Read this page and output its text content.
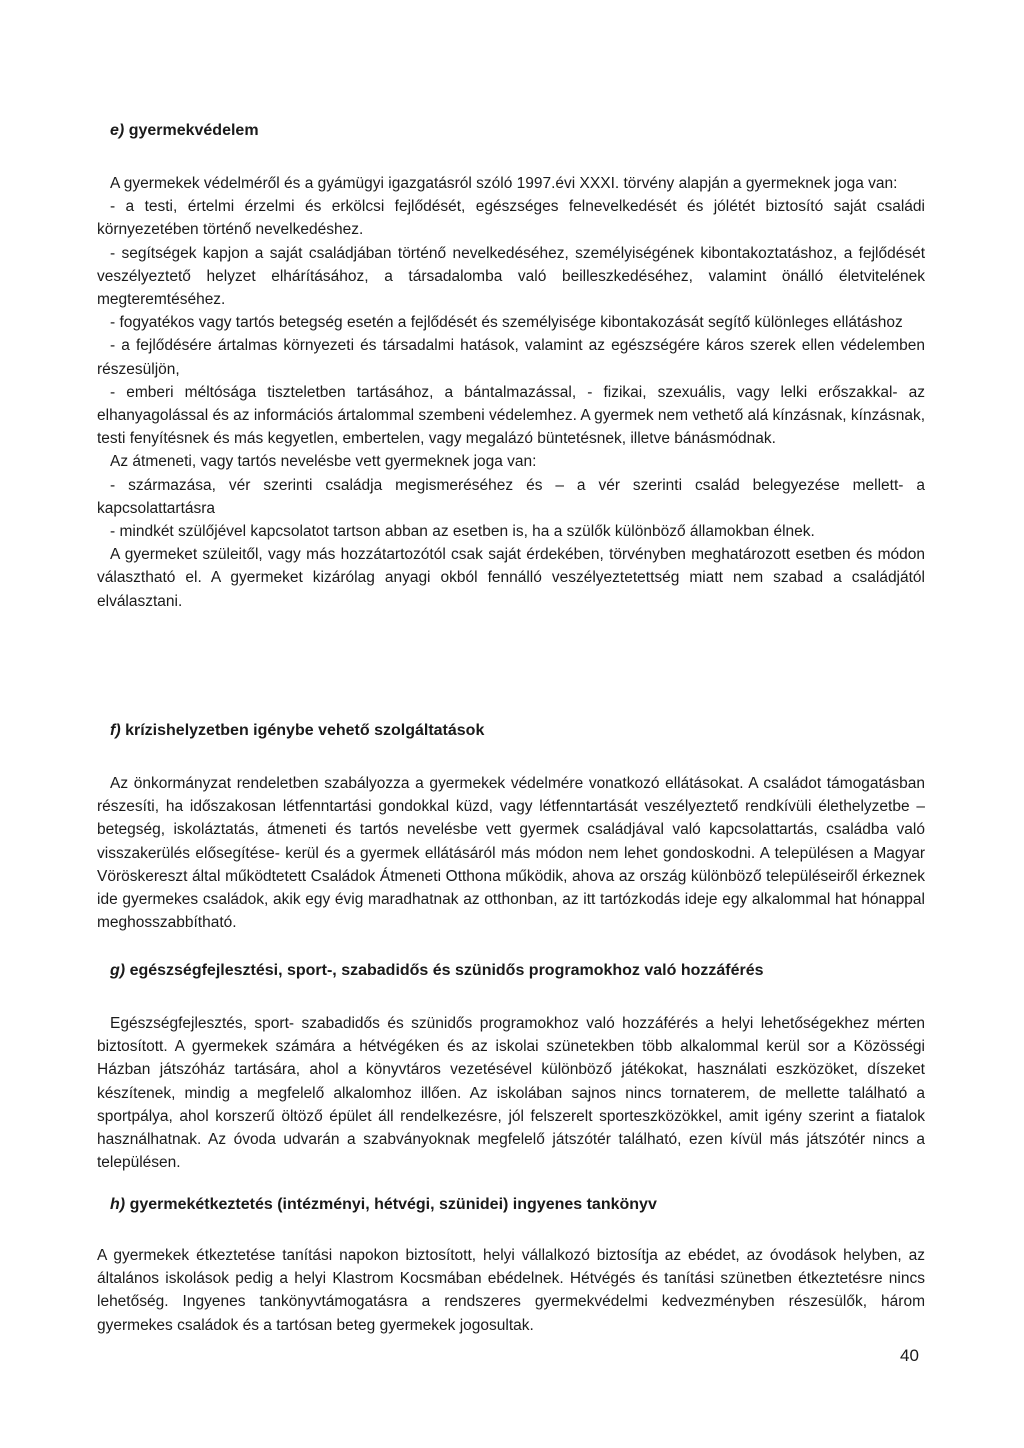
e) gyermekvédelem

A gyermekek védelméről és a gyámügyi igazgatásról szóló 1997.évi XXXI. törvény alapján a gyermeknek joga van:

- a testi, értelmi érzelmi és erkölcsi fejlődését, egészséges felnevelkedését és jólétét biztosító saját családi környezetében történő nevelkedéshez.

- segítségek kapjon a saját családjában történő nevelkedéséhez, személyiségének kibontakoztatáshoz, a fejlődését veszélyeztető helyzet elhárításához, a társadalomba való beilleszkedéséhez, valamint önálló életvitelének megteremtéséhez.

- fogyatékos vagy tartós betegség esetén a fejlődését és személyisége kibontakozását segítő különleges ellátáshoz

- a fejlődésére ártalmas környezeti és társadalmi hatások, valamint az egészségére káros szerek ellen védelemben részesüljön,

- emberi méltósága tiszteletben tartásához, a bántalmazással, - fizikai, szexuális, vagy lelki erőszakkal- az elhanyagolással és az információs ártalommal szembeni védelemhez. A gyermek nem vethető alá kínzásnak, kínzásnak, testi fenyítésnek és más kegyetlen, embertelen, vagy megalázó büntetésnek, illetve bánásmódnak.

Az átmeneti, vagy tartós nevelésbe vett gyermeknek joga van:

- származása, vér szerinti családja megismeréséhez és – a vér szerinti család belegyezése mellett- a kapcsolattartásra

- mindkét szülőjével kapcsolatot tartson abban az esetben is, ha a szülők különböző államokban élnek.

A gyermeket szüleitől, vagy más hozzátartozótól csak saját érdekében, törvényben meghatározott esetben és módon választható el. A gyermeket kizárólag anyagi okból fennálló veszélyeztetettség miatt nem szabad a családjától elválasztani.

f) krízishelyzetben igénybe vehető szolgáltatások

Az önkormányzat rendeletben szabályozza a gyermekek védelmére vonatkozó ellátásokat. A családot támogatásban részesíti, ha időszakosan létfenntartási gondokkal küzd, vagy létfenntartását veszélyeztető rendkívüli élethelyzetbe –betegség, iskoláztatás, átmeneti és tartós nevelésbe vett gyermek családjával való kapcsolattartás, családba való visszakerülés elősegítése- kerül és a gyermek ellátásáról más módon nem lehet gondoskodni. A településen a Magyar Vöröskereszt által működtetett Családok Átmeneti Otthona működik, ahova az ország különböző településeiről érkeznek ide gyermekes családok, akik egy évig maradhatnak az otthonban, az itt tartózkodás ideje egy alkalommal hat hónappal meghosszabbítható.

g) egészségfejlesztési, sport-, szabadidős és szünidős programokhoz való hozzáférés

Egészségfejlesztés, sport- szabadidős és szünidős programokhoz való hozzáférés a helyi lehetőségekhez mérten biztosított. A gyermekek számára a hétvégéken és az iskolai szünetekben több alkalommal kerül sor a Közösségi Házban játszóház tartására, ahol a könyvtáros vezetésével különböző játékokat, használati eszközöket, díszeket készítenek, mindig a megfelelő alkalomhoz illően. Az iskolában sajnos nincs tornaterem, de mellette található a sportpálya, ahol korszerű öltöző épület áll rendelkezésre, jól felszerelt sporteszközökkel, amit igény szerint a fiatalok használhatnak. Az óvoda udvarán a szabványoknak megfelelő játszótér található, ezen kívül más játszótér nincs a településen.

h) gyermekétkeztetés (intézményi, hétvégi, szünidei) ingyenes tankönyv

A gyermekek étkeztetése tanítási napokon biztosított, helyi vállalkozó biztosítja az ebédet, az óvodások helyben, az általános iskolások pedig a helyi Klastrom Kocsmában ebédelnek. Hétvégés és tanítási szünetben étkeztetésre nincs lehetőség. Ingyenes tankönyvtámogatásra a rendszeres gyermekvédelmi kedvezményben részesülők, három gyermekes családok és a tartósan beteg gyermekek jogosultak.

40
